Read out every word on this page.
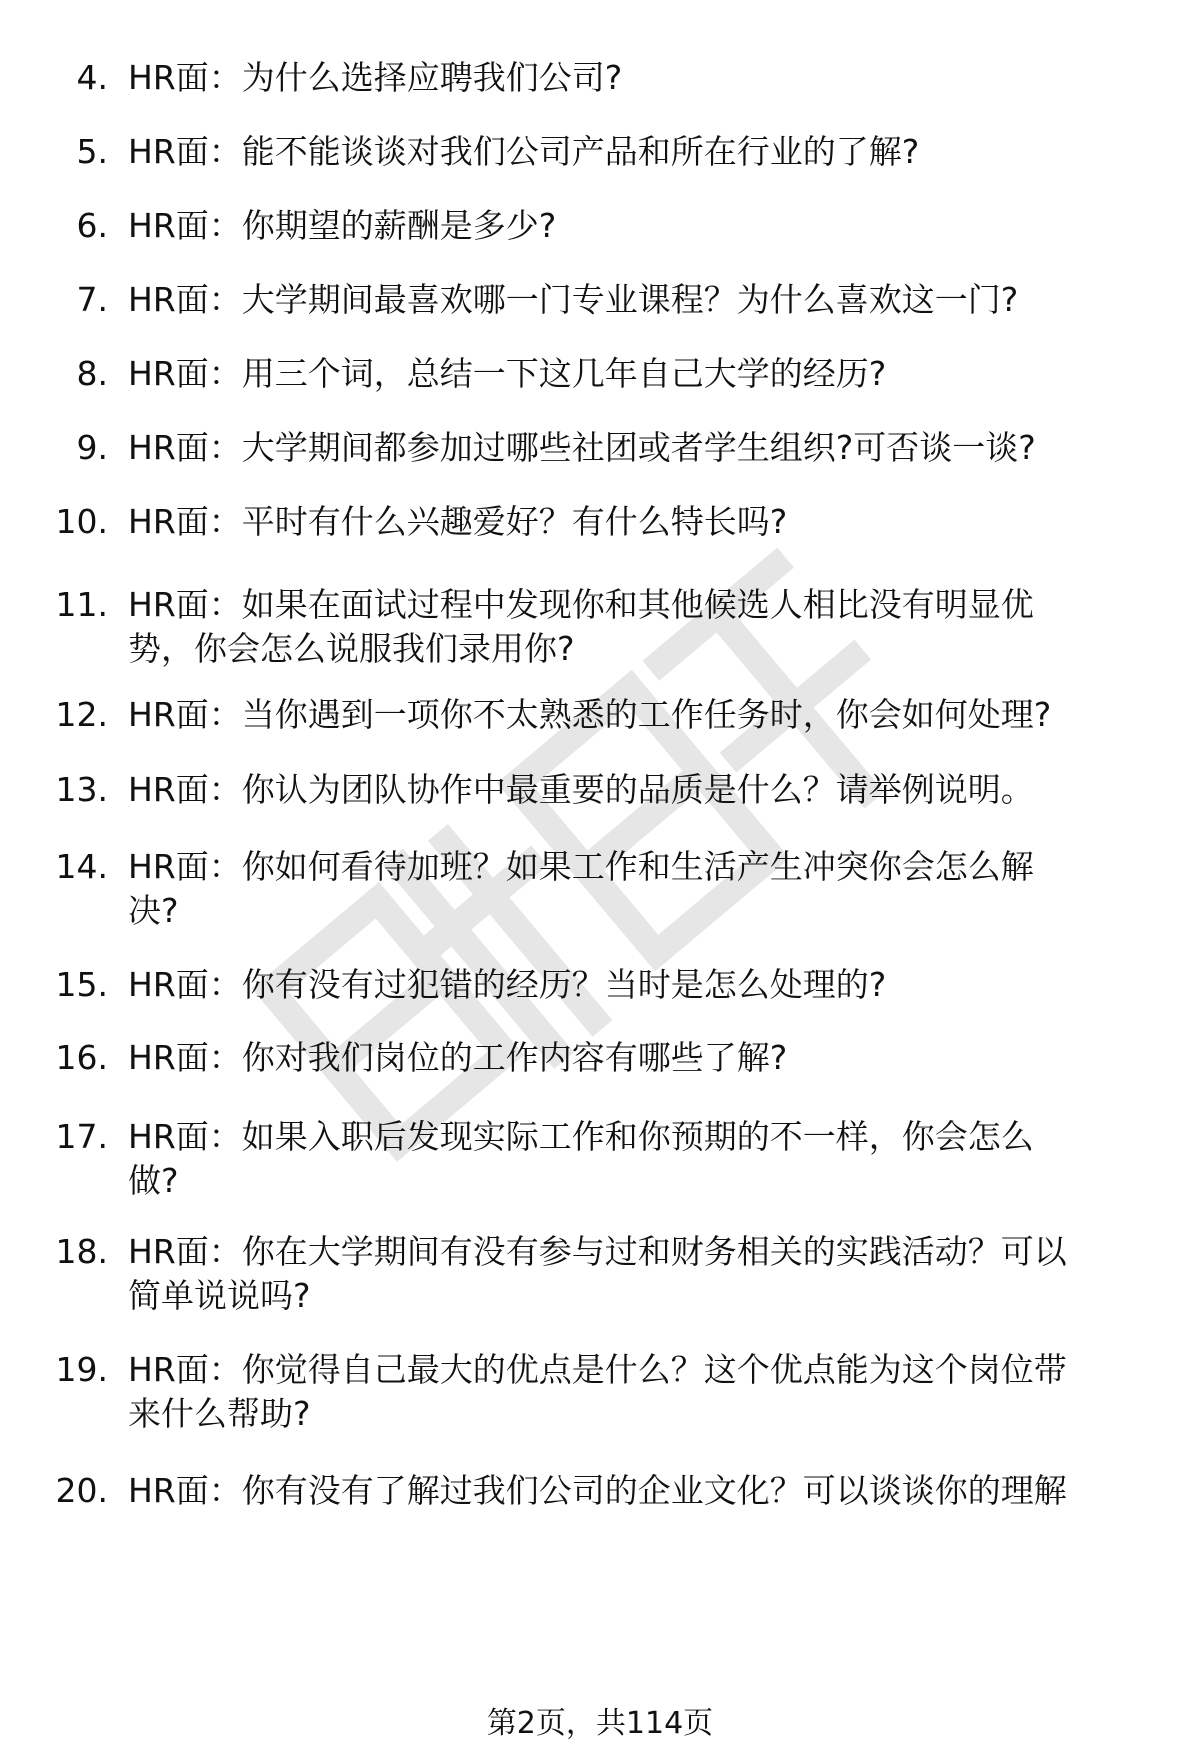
4. HR面：为什么选择应聘我们公司?
5. HR面：能不能谈谈对我们公司产品和所在行业的了解?
6. HR面：你期望的薪酬是多少?
7. HR面：大学期间最喜欢哪一门专业课程？为什么喜欢这一门?
8. HR面：用三个词，总结一下这几年自己大学的经历?
9. HR面：大学期间都参加过哪些社团或者学生组织?可否谈一谈?
10. HR面：平时有什么兴趣爱好？有什么特长吗?
11. HR面：如果在面试过程中发现你和其他候选人相比没有明显优
势，你会怎么说服我们录用你?
12. HR面：当你遇到一项你不太熟悉的工作任务时，你会如何处理?
13. HR面：你认为团队协作中最重要的品质是什么？请举例说明。
14. HR面：你如何看待加班？如果工作和生活产生冲突你会怎么解
决?
15. HR面：你有没有过犯错的经历？当时是怎么处理的?
16. HR面：你对我们岗位的工作内容有哪些了解?
17. HR面：如果入职后发现实际工作和你预期的不一样，你会怎么
做?
18. HR面：你在大学期间有没有参与过和财务相关的实践活动？可以
简单说说吗?
19. HR面：你觉得自己最大的优点是什么？这个优点能为这个岗位带
来什么帮助?
20. HR面：你有没有了解过我们公司的企业文化？可以谈谈你的理解
第2页，共114页
